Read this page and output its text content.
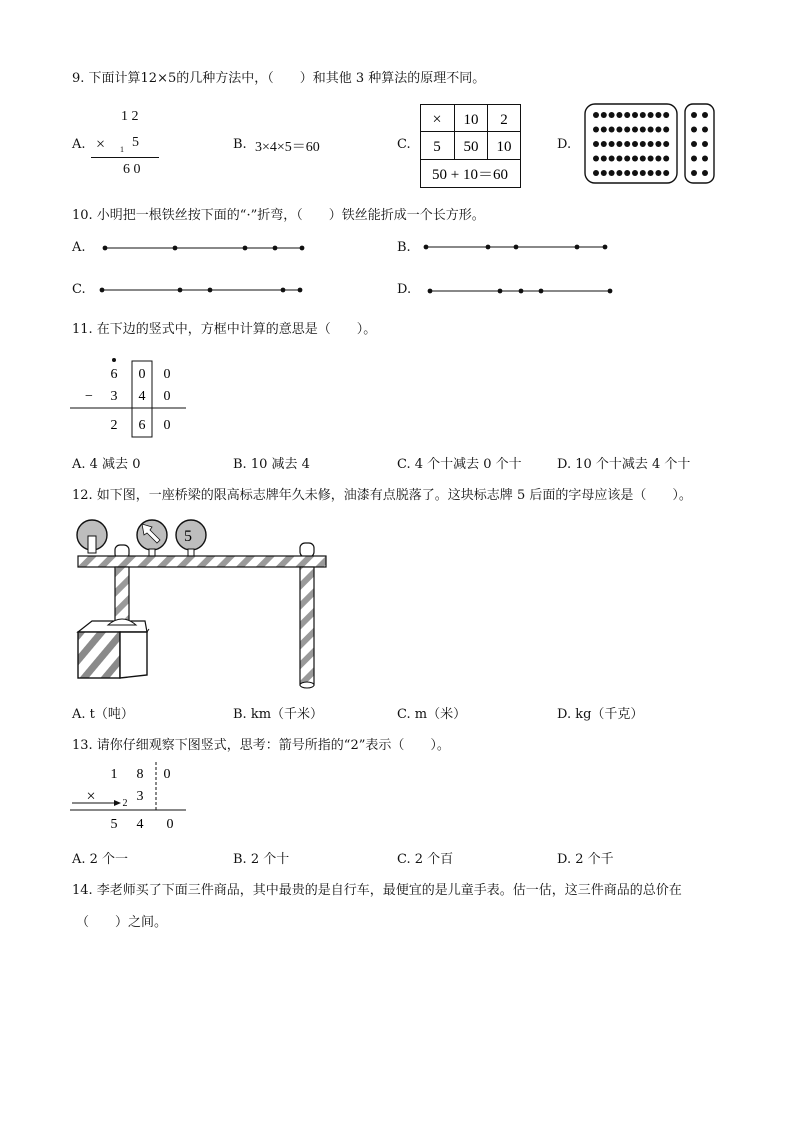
9. 下面计算12×5的几种方法中，（　　）和其他 3 种算法的原理不同。
A.
1 2
× 1 5
6 0
B. 3×4×5＝60	C.
× 10 2
5 50 10
50 + 10＝60
D.
10. 小明把一根铁丝按下面的“·”折弯，（　　）铁丝能折成一个长方形。
A.	B.
C.	D.
11. 在下边的竖式中，方框中计算的意思是（　　）。
6 0 0
− 3 4 0
2 6 0
A. 4 减去 0	B. 10 减去 4	C. 4 个十减去 0 个十	D. 10 个十减去 4 个十
12. 如下图，一座桥梁的限高标志牌年久未修，油漆有点脱落了。这块标志牌 5 后面的字母应该是（　　）。
5
A. t（吨）	B. km（千米）	C. m（米）	D. kg（千克）
13. 请你仔细观察下图竖式，思考：箭号所指的“2”表示（　　）。
1 8 0
×	2 3
5 4 0
A. 2 个一	B. 2 个十	C. 2 个百	D. 2 个千
14. 李老师买了下面三件商品，其中最贵的是自行车，最便宜的是儿童手表。估一估，这三件商品的总价在
（　　）之间。
